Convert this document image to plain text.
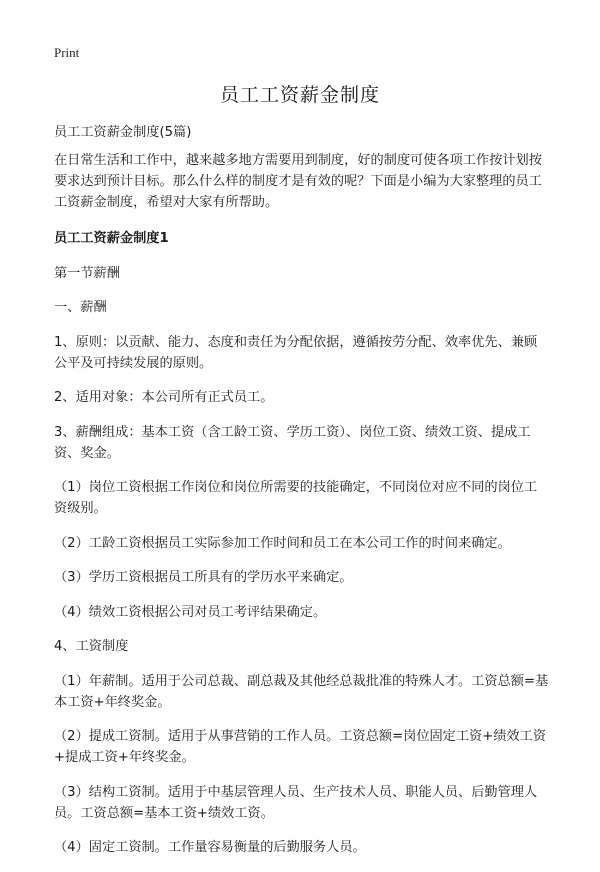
Print
员工工资薪金制度

员工工资薪金制度(5篇)

在日常生活和工作中，越来越多地方需要用到制度，好的制度可使各项工作按计划按要求达到预计目标。那么什么样的制度才是有效的呢？下面是小编为大家整理的员工工资薪金制度，希望对大家有所帮助。

员工工资薪金制度1

第一节薪酬

一、薪酬

1、原则：以贡献、能力、态度和责任为分配依据，遵循按劳分配、效率优先、兼顾公平及可持续发展的原则。

2、适用对象：本公司所有正式员工。

3、薪酬组成：基本工资（含工龄工资、学历工资）、岗位工资、绩效工资、提成工资、奖金。

（1）岗位工资根据工作岗位和岗位所需要的技能确定，不同岗位对应不同的岗位工资级别。

（2）工龄工资根据员工实际参加工作时间和员工在本公司工作的时间来确定。

（3）学历工资根据员工所具有的学历水平来确定。

（4）绩效工资根据公司对员工考评结果确定。

4、工资制度

（1）年薪制。适用于公司总裁、副总裁及其他经总裁批准的特殊人才。工资总额=基本工资+年终奖金。

（2）提成工资制。适用于从事营销的工作人员。工资总额=岗位固定工资+绩效工资+提成工资+年终奖金。

（3）结构工资制。适用于中基层管理人员、生产技术人员、职能人员、后勤管理人员。工资总额=基本工资+绩效工资。

（4）固定工资制。工作量容易衡量的后勤服务人员。
